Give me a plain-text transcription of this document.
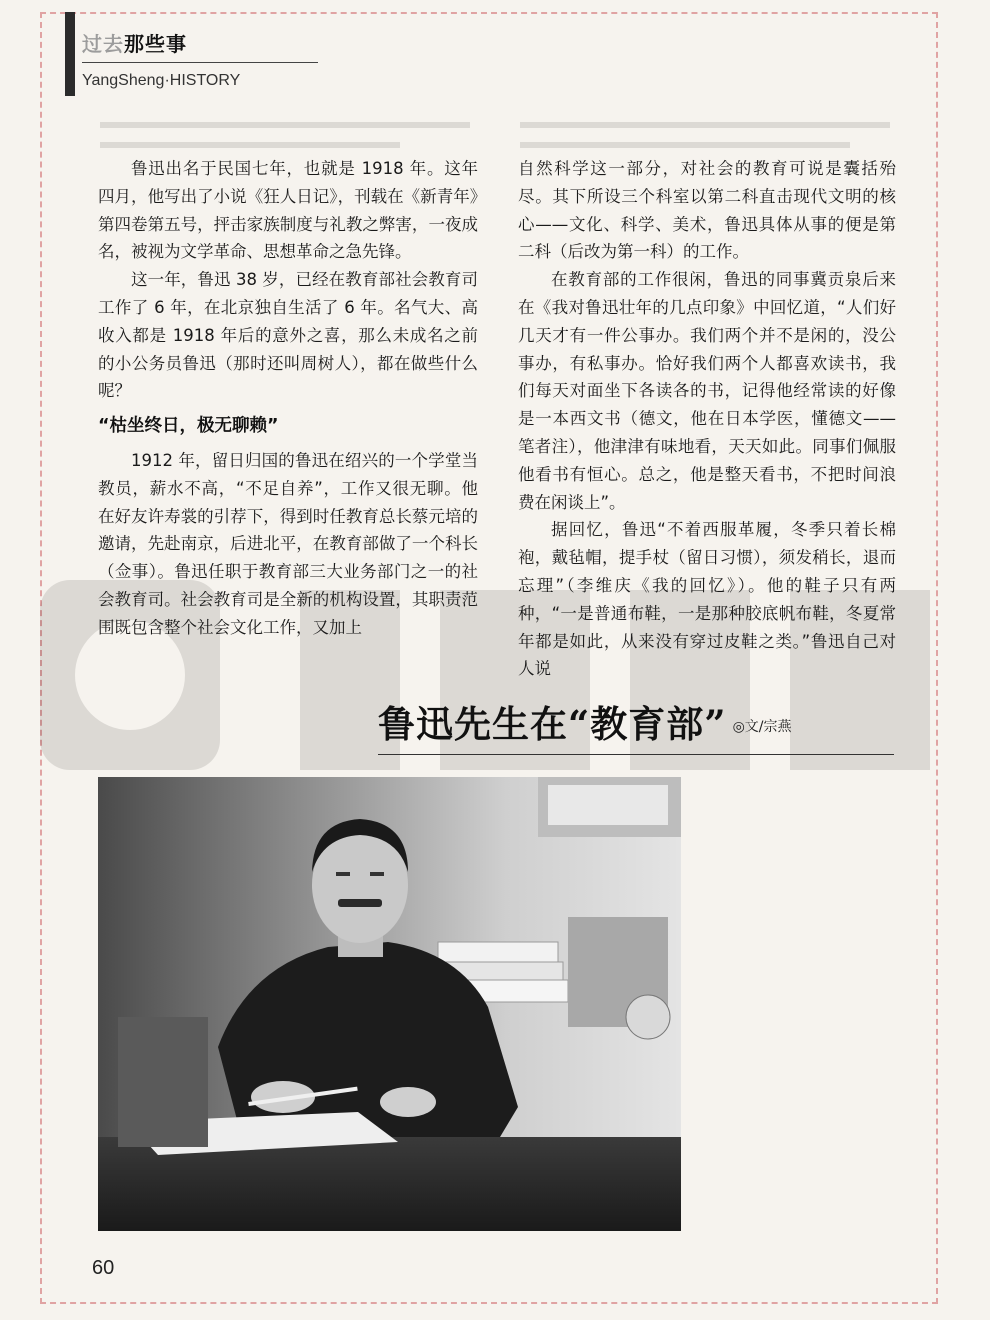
过去那些事
YangSheng·HISTORY

鲁迅出名于民国七年，也就是 1918 年。这年四月，他写出了小说《狂人日记》，刊载在《新青年》第四卷第五号，抨击家族制度与礼教之弊害，一夜成名，被视为文学革命、思想革命之急先锋。

这一年，鲁迅 38 岁，已经在教育部社会教育司工作了 6 年，在北京独自生活了 6 年。名气大、高收入都是 1918 年后的意外之喜，那么未成名之前的小公务员鲁迅（那时还叫周树人），都在做些什么呢？

“枯坐终日，极无聊赖”

1912 年，留日归国的鲁迅在绍兴的一个学堂当教员，薪水不高，“不足自养”，工作又很无聊。他在好友许寿裳的引荐下，得到时任教育总长蔡元培的邀请，先赴南京，后进北平，在教育部做了一个科长（佥事）。鲁迅任职于教育部三大业务部门之一的社会教育司。社会教育司是全新的机构设置，其职责范围既包含整个社会文化工作，又加上

自然科学这一部分，对社会的教育可说是囊括殆尽。其下所设三个科室以第二科直击现代文明的核心——文化、科学、美术，鲁迅具体从事的便是第二科（后改为第一科）的工作。

在教育部的工作很闲，鲁迅的同事冀贡泉后来在《我对鲁迅壮年的几点印象》中回忆道，“人们好几天才有一件公事办。我们两个并不是闲的，没公事办，有私事办。恰好我们两个人都喜欢读书，我们每天对面坐下各读各的书，记得他经常读的好像是一本西文书（德文，他在日本学医，懂德文——笔者注），他津津有味地看，天天如此。同事们佩服他看书有恒心。总之，他是整天看书，不把时间浪费在闲谈上”。

据回忆，鲁迅“不着西服革履，冬季只着长棉袍，戴毡帽，提手杖（留日习惯），须发稍长，退而忘理”（李维庆《我的回忆》）。他的鞋子只有两种，“一是普通布鞋，一是那种胶底帆布鞋，冬夏常年都是如此，从来没有穿过皮鞋之类。”鲁迅自己对人说

鲁迅先生在“教育部” ◎文/宗燕
60
